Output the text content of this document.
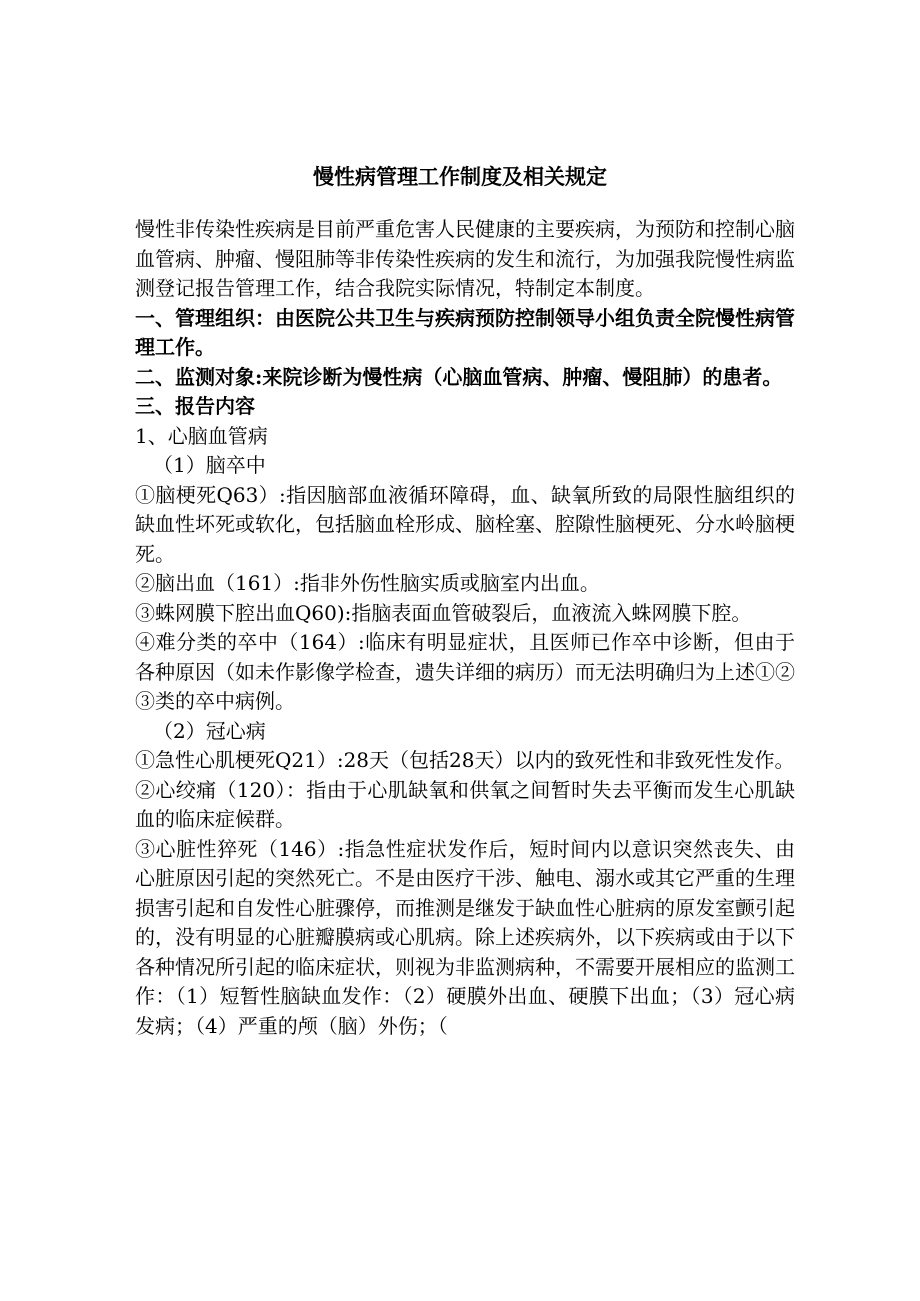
慢性病管理工作制度及相关规定

慢性非传染性疾病是目前严重危害人民健康的主要疾病，为预防和控制心脑血管病、肿瘤、慢阻肺等非传染性疾病的发生和流行，为加强我院慢性病监测登记报告管理工作，结合我院实际情况，特制定本制度。

一、管理组织：由医院公共卫生与疾病预防控制领导小组负责全院慢性病管理工作。

二、监测对象:来院诊断为慢性病（心脑血管病、肿瘤、慢阻肺）的患者。

三、报告内容

1、心脑血管病

（1）脑卒中

①脑梗死Q63）:指因脑部血液循环障碍，血、缺氧所致的局限性脑组织的缺血性坏死或软化，包括脑血栓形成、脑栓塞、腔隙性脑梗死、分水岭脑梗死。

②脑出血（161）:指非外伤性脑实质或脑室内出血。

③蛛网膜下腔出血Q60):指脑表面血管破裂后，血液流入蛛网膜下腔。

④难分类的卒中（164）:临床有明显症状，且医师已作卒中诊断，但由于各种原因（如未作影像学检查，遗失详细的病历）而无法明确归为上述①②③类的卒中病例。

（2）冠心病

①急性心肌梗死Q21）:28天（包括28天）以内的致死性和非致死性发作。

②心绞痛（120）：指由于心肌缺氧和供氧之间暂时失去平衡而发生心肌缺血的临床症候群。

③心脏性猝死（146）:指急性症状发作后，短时间内以意识突然丧失、由心脏原因引起的突然死亡。不是由医疗干涉、触电、溺水或其它严重的生理损害引起和自发性心脏骤停，而推测是继发于缺血性心脏病的原发室颤引起的，没有明显的心脏瓣膜病或心肌病。除上述疾病外，以下疾病或由于以下各种情况所引起的临床症状，则视为非监测病种，不需要开展相应的监测工作：（1）短暂性脑缺血发作：（2）硬膜外出血、硬膜下出血；（3）冠心病发病；（4）严重的颅（脑）外伤；（
